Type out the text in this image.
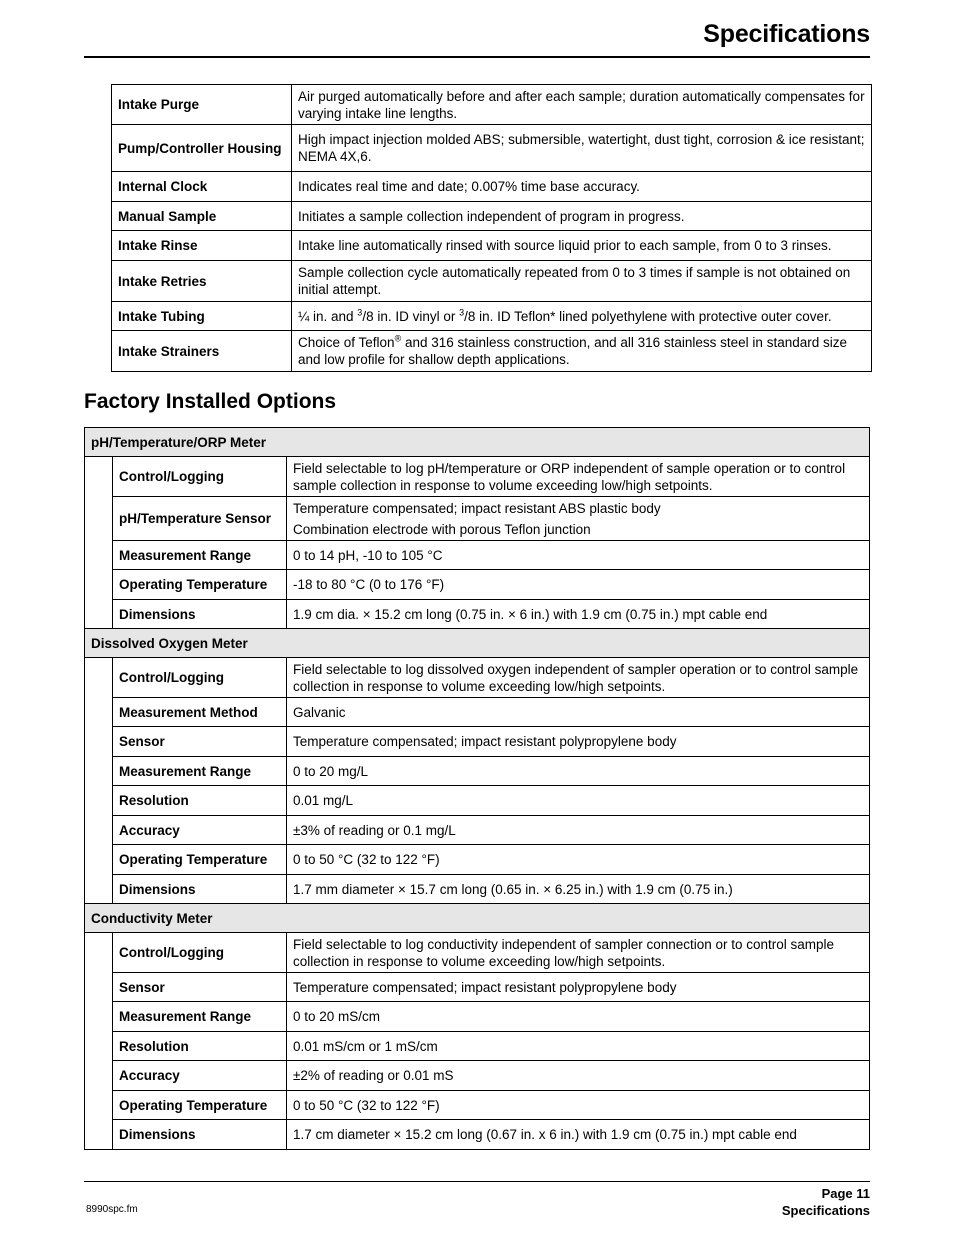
Specifications
Intake Purge	Air purged automatically before and after each sample; duration automatically compensates for varying intake line lengths.
Pump/Controller Housing	High impact injection molded ABS; submersible, watertight, dust tight, corrosion & ice resistant; NEMA 4X,6.
Internal Clock	Indicates real time and date; 0.007% time base accuracy.
Manual Sample	Initiates a sample collection independent of program in progress.
Intake Rinse	Intake line automatically rinsed with source liquid prior to each sample, from 0 to 3 rinses.
Intake Retries	Sample collection cycle automatically repeated from 0 to 3 times if sample is not obtained on initial attempt.
Intake Tubing	¼ in. and $^3$/8 in. ID vinyl or $^3$/8 in. ID Teflon* lined polyethylene with protective outer cover.
Intake Strainers	Choice of Teflon® and 316 stainless construction, and all 316 stainless steel in standard size and low profile for shallow depth applications.
Factory Installed Options
pH/Temperature/ORP Meter		
	Control/Logging	Field selectable to log pH/temperature or ORP independent of sample operation or to control sample collection in response to volume exceeding low/high setpoints.
	pH/Temperature Sensor	Temperature compensated; impact resistant ABS plastic body
Combination electrode with porous Teflon junction

	Measurement Range	0 to 14 pH, -10 to 105 °C
	Operating Temperature	-18 to 80 °C (0 to 176 °F)
	Dimensions	1.9 cm dia. × 15.2 cm long (0.75 in. × 6 in.) with 1.9 cm (0.75 in.) mpt cable end
Dissolved Oxygen Meter		
	Control/Logging	Field selectable to log dissolved oxygen independent of sampler operation or to control sample collection in response to volume exceeding low/high setpoints.
	Measurement Method	Galvanic
	Sensor	Temperature compensated; impact resistant polypropylene body
	Measurement Range	0 to 20 mg/L
	Resolution	0.01 mg/L
	Accuracy	±3% of reading or 0.1 mg/L
	Operating Temperature	0 to 50 °C (32 to 122 °F)
	Dimensions	1.7 mm diameter × 15.7 cm long (0.65 in. × 6.25 in.) with 1.9 cm (0.75 in.)
Conductivity Meter		
	Control/Logging	Field selectable to log conductivity independent of sampler connection or to control sample collection in response to volume exceeding low/high setpoints.
	Sensor	Temperature compensated; impact resistant polypropylene body
	Measurement Range	0 to 20 mS/cm
	Resolution	0.01 mS/cm or 1 mS/cm
	Accuracy	±2% of reading or 0.01 mS
	Operating Temperature	0 to 50 °C (32 to 122 °F)
	Dimensions	1.7 cm diameter × 15.2 cm long (0.67 in. x 6 in.) with 1.9 cm (0.75 in.) mpt cable end
Page 11
Specifications
8990spc.fm
